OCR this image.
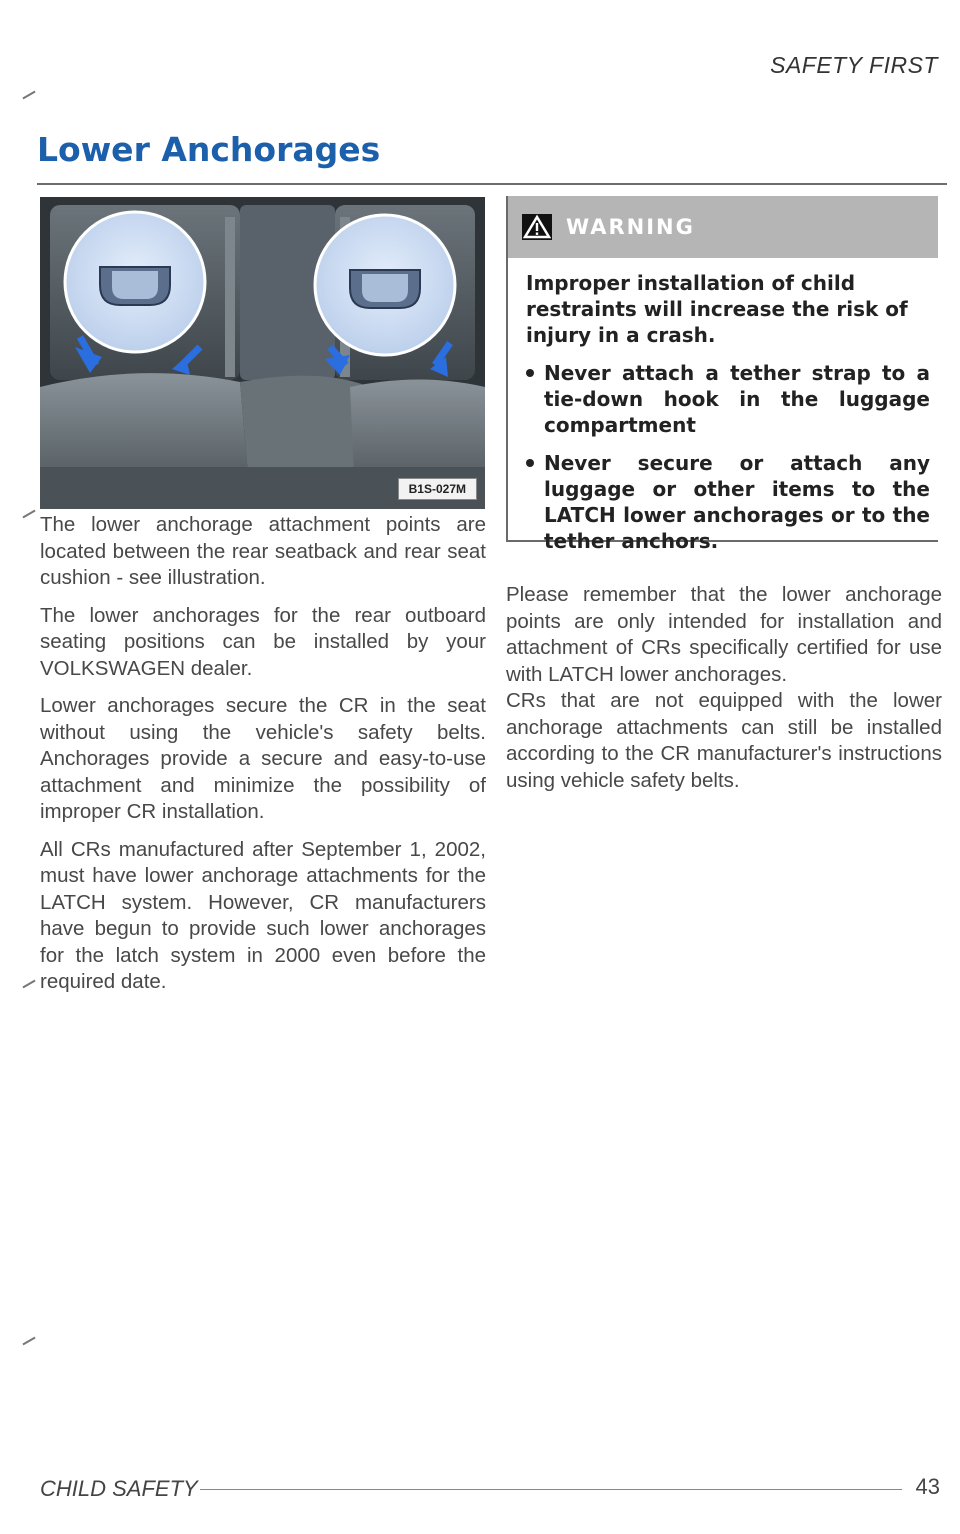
SAFETY FIRST
Lower Anchorages
B1S-027M

The lower anchorage attachment points are located between the rear seatback and rear seat cushion - see illustration.

The lower anchorages for the rear outboard seating positions can be installed by your VOLKSWAGEN dealer.

Lower anchorages secure the CR in the seat without using the vehicle's safety belts. Anchorages provide a secure and easy-to-use attachment and minimize the possibility of improper CR installation.

All CRs manufactured after September 1, 2002, must have lower anchorage attachments for the LATCH system. However, CR manufacturers have begun to provide such lower anchorages for the latch system in 2000 even before the required date.

WARNING

Improper installation of child restraints will increase the risk of injury in a crash.

Never attach a tether strap to a tie-down hook in the luggage compartment
Never secure or attach any luggage or other items to the LATCH lower anchorages or to the tether anchors.

Please remember that the lower anchorage points are only intended for installation and attachment of CRs specifically certified for use with LATCH lower anchorages.

CRs that are not equipped with the lower anchorage attachments can still be installed according to the CR manufacturer's instructions using vehicle safety belts.

CHILD SAFETY	43
